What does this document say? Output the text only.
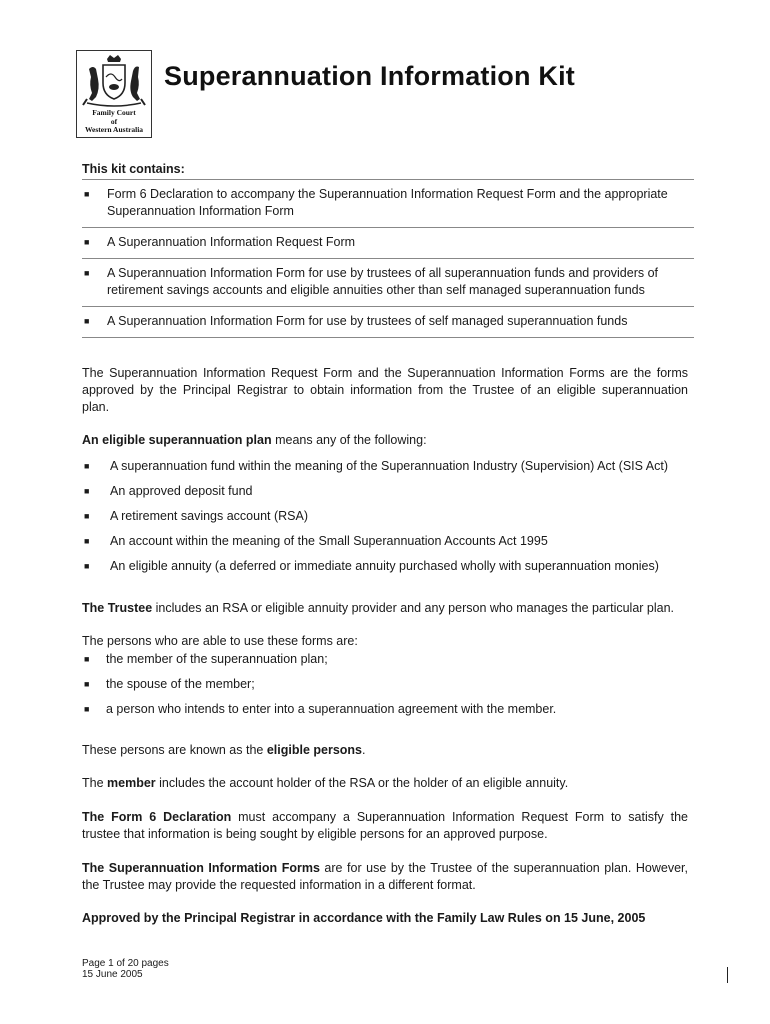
Family Court
of
Western Australia
Superannuation Information Kit
This kit contains:
■ Form 6 Declaration to accompany the Superannuation Information Request Form and the appropriate
Superannuation Information Form
■ A Superannuation Information Request Form
■ A Superannuation Information Form for use by trustees of all superannuation funds and providers of
retirement savings accounts and eligible annuities other than self managed superannuation funds
■ A Superannuation Information Form for use by trustees of self managed superannuation funds
The Superannuation Information Request Form and the Superannuation Information Forms are the forms
approved by the Principal Registrar to obtain information from the Trustee of an eligible superannuation
plan.
An eligible superannuation plan means any of the following:
■ A superannuation fund within the meaning of the Superannuation Industry (Supervision) Act (SIS Act)
■ An approved deposit fund
■ A retirement savings account (RSA)
■ An account within the meaning of the Small Superannuation Accounts Act 1995
■ An eligible annuity (a deferred or immediate annuity purchased wholly with superannuation monies)
The Trustee includes an RSA or eligible annuity provider and any person who manages the particular plan.
The persons who are able to use these forms are:
■ the member of the superannuation plan;
■ the spouse of the member;
■ a person who intends to enter into a superannuation agreement with the member.
These persons are known as the eligible persons.
The member includes the account holder of the RSA or the holder of an eligible annuity.
The Form 6 Declaration must accompany a Superannuation Information Request Form to satisfy the
trustee that information is being sought by eligible persons for an approved purpose.
The Superannuation Information Forms are for use by the Trustee of the superannuation plan. However,
the Trustee may provide the requested information in a different format.
Approved by the Principal Registrar in accordance with the Family Law Rules on 15 June, 2005
Page 1 of 20 pages
15 June 2005
